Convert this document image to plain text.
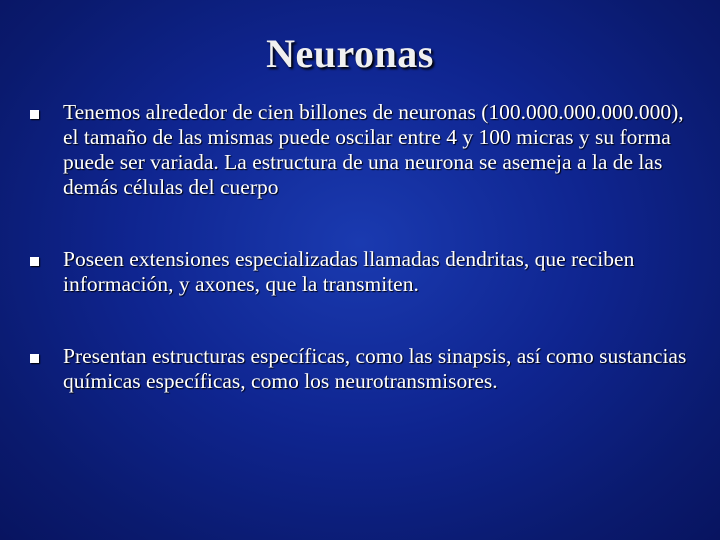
Neuronas
Tenemos alrededor de cien billones de neuronas (100.000.000.000.000), el tamaño de las mismas puede oscilar entre 4 y 100 micras y su forma puede ser variada. La estructura de una neurona se asemeja a la de las demás células del cuerpo
Poseen extensiones especializadas llamadas dendritas, que reciben información, y axones, que la transmiten.
Presentan estructuras específicas, como las sinapsis, así como sustancias químicas específicas, como los neurotransmisores.
